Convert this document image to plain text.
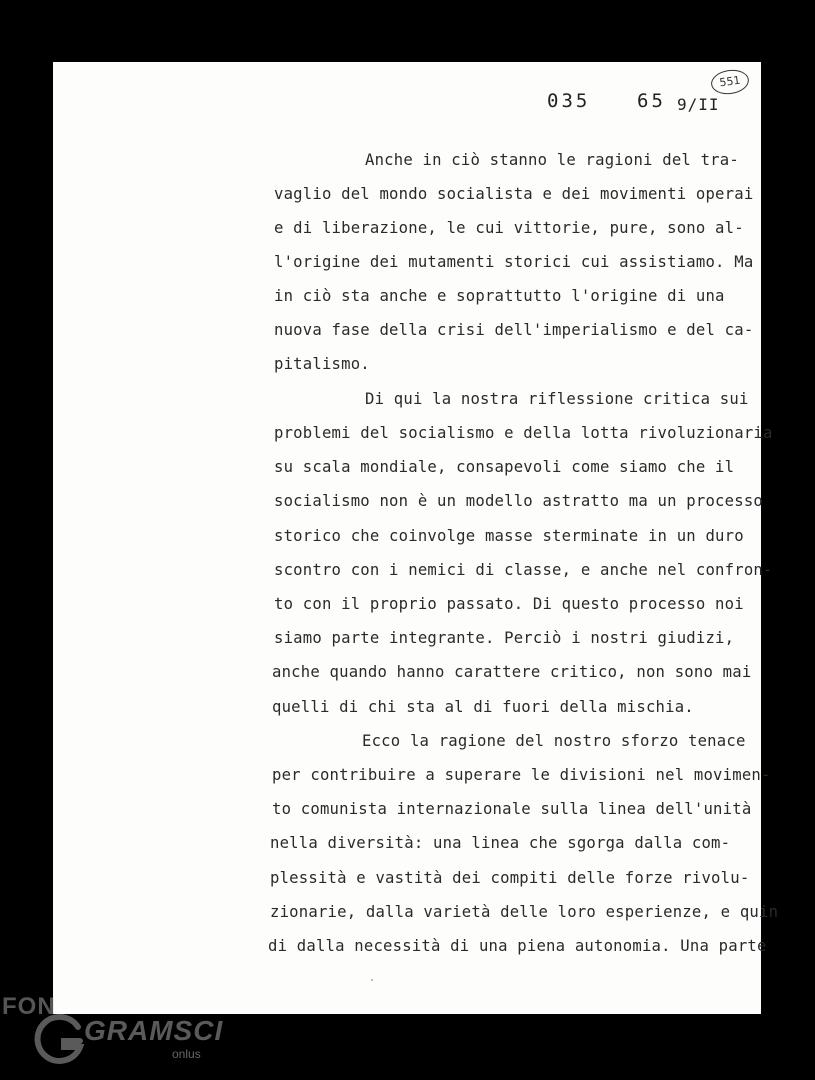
035 65 9/II
551
Anche in ciò stanno le ragioni del tra-
vaglio del mondo socialista e dei movimenti operai
e di liberazione, le cui vittorie, pure, sono al-
l'origine dei mutamenti storici cui assistiamo. Ma
in ciò sta anche e soprattutto l'origine di una
nuova fase della crisi dell'imperialismo e del ca-
pitalismo.
Di qui la nostra riflessione critica sui
problemi del socialismo e della lotta rivoluzionaria
su scala mondiale, consapevoli come siamo che il
socialismo non è un modello astratto ma un processo
storico che coinvolge masse sterminate in un duro
scontro con i nemici di classe, e anche nel confron-
to con il proprio passato. Di questo processo noi
siamo parte integrante. Perciò i nostri giudizi,
anche quando hanno carattere critico, non sono mai
quelli di chi sta al di fuori della mischia.
Ecco la ragione del nostro sforzo tenace
per contribuire a superare le divisioni nel movimen-
to comunista internazionale sulla linea dell'unità
nella diversità: una linea che sgorga dalla com-
plessità e vastità dei compiti delle forze rivolu-
zionarie, dalla varietà delle loro esperienze, e quin
di dalla necessità di una piena autonomia. Una parte
FON
GRAMSCI
onlus
